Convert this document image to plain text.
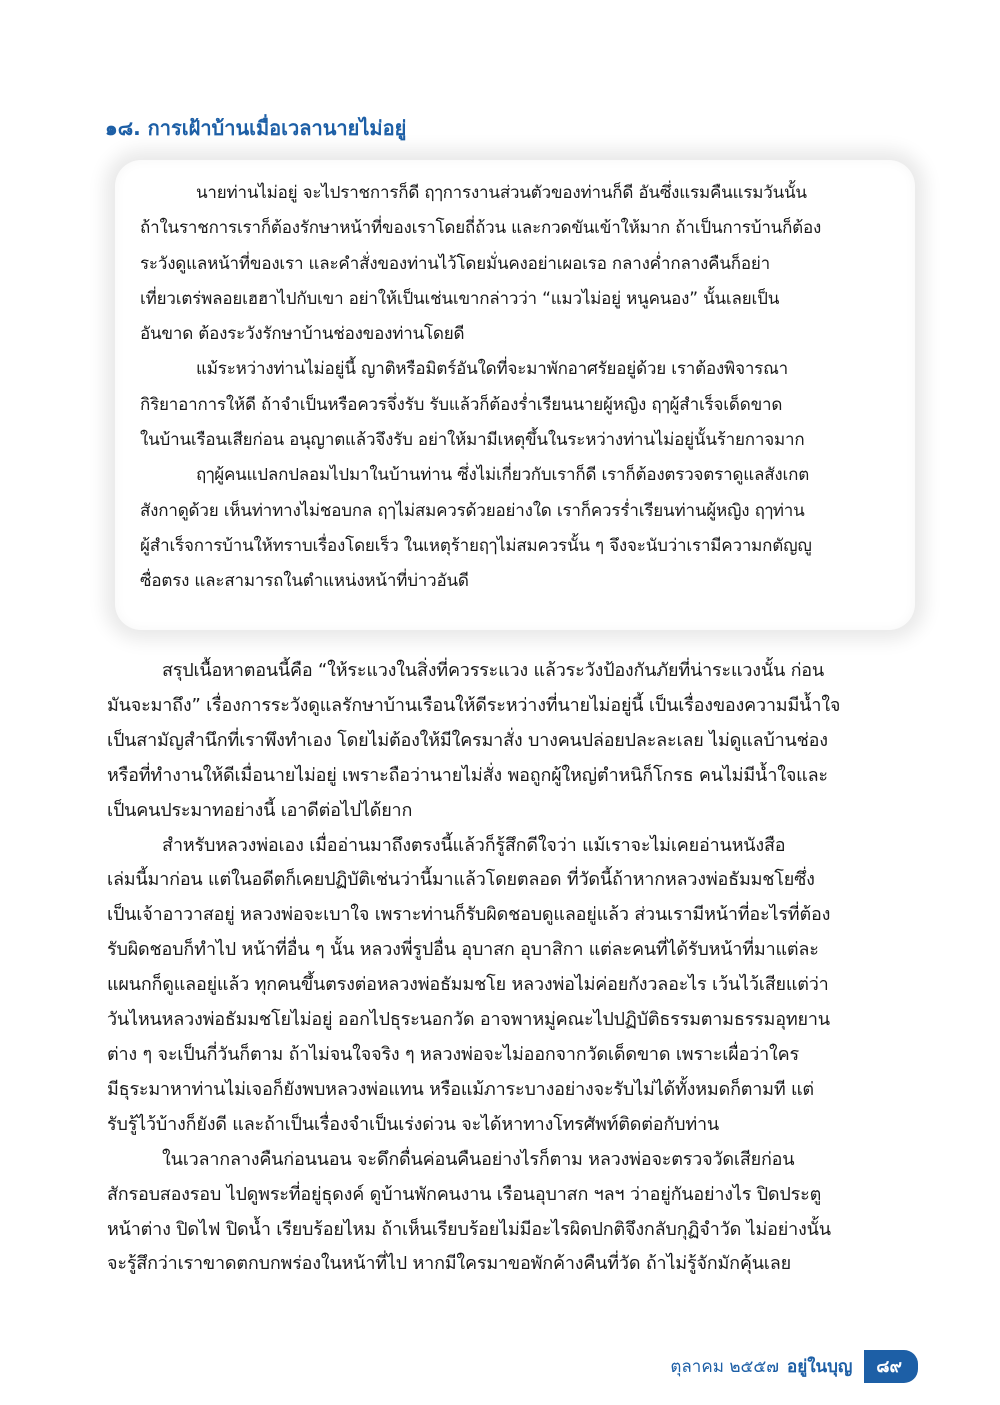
๑๘. การเฝ้าบ้านเมื่อเวลานายไม่อยู่
นายท่านไม่อยู่ จะไปราชการก็ดี ฤๅการงานส่วนตัวของท่านก็ดี อันซึ่งแรมคืนแรมวันนั้น
ถ้าในราชการเราก็ต้องรักษาหน้าที่ของเราโดยถี่ถ้วน และกวดขันเข้าให้มาก ถ้าเป็นการบ้านก็ต้อง
ระวังดูแลหน้าที่ของเรา และคำสั่งของท่านไว้โดยมั่นคงอย่าเผอเรอ กลางค่ำกลางคืนก็อย่า
เที่ยวเตร่พลอยเฮฮาไปกับเขา อย่าให้เป็นเช่นเขากล่าวว่า “แมวไม่อยู่ หนูคนอง” นั้นเลยเป็น
อันขาด ต้องระวังรักษาบ้านช่องของท่านโดยดี
แม้ระหว่างท่านไม่อยู่นี้ ญาติหรือมิตร์อันใดที่จะมาพักอาศรัยอยู่ด้วย เราต้องพิจารณา
กิริยาอาการให้ดี ถ้าจำเป็นหรือควรจึ่งรับ รับแล้วก็ต้องร่ำเรียนนายผู้หญิง ฤๅผู้สำเร็จเด็ดขาด
ในบ้านเรือนเสียก่อน อนุญาตแล้วจึงรับ อย่าให้มามีเหตุขึ้นในระหว่างท่านไม่อยู่นั้นร้ายกาจมาก
ฤๅผู้คนแปลกปลอมไปมาในบ้านท่าน ซึ่งไม่เกี่ยวกับเราก็ดี เราก็ต้องตรวจตราดูแลสังเกต
สังกาดูด้วย เห็นท่าทางไม่ชอบกล ฤๅไม่สมควรด้วยอย่างใด เราก็ควรร่ำเรียนท่านผู้หญิง ฤๅท่าน
ผู้สำเร็จการบ้านให้ทราบเรื่องโดยเร็ว ในเหตุร้ายฤๅไม่สมควรนั้น ๆ จึงจะนับว่าเรามีความกตัญญู
ซื่อตรง และสามารถในตำแหน่งหน้าที่บ่าวอันดี
สรุปเนื้อหาตอนนี้คือ “ให้ระแวงในสิ่งที่ควรระแวง แล้วระวังป้องกันภัยที่น่าระแวงนั้น ก่อน
มันจะมาถึง” เรื่องการระวังดูแลรักษาบ้านเรือนให้ดีระหว่างที่นายไม่อยู่นี้ เป็นเรื่องของความมีน้ำใจ
เป็นสามัญสำนึกที่เราพึงทำเอง โดยไม่ต้องให้มีใครมาสั่ง บางคนปล่อยปละละเลย ไม่ดูแลบ้านช่อง
หรือที่ทำงานให้ดีเมื่อนายไม่อยู่ เพราะถือว่านายไม่สั่ง พอถูกผู้ใหญ่ตำหนิก็โกรธ คนไม่มีน้ำใจและ
เป็นคนประมาทอย่างนี้ เอาดีต่อไปได้ยาก
สำหรับหลวงพ่อเอง เมื่ออ่านมาถึงตรงนี้แล้วก็รู้สึกดีใจว่า แม้เราจะไม่เคยอ่านหนังสือ
เล่มนี้มาก่อน แต่ในอดีตก็เคยปฏิบัติเช่นว่านี้มาแล้วโดยตลอด ที่วัดนี้ถ้าหากหลวงพ่อธัมมชโยซึ่ง
เป็นเจ้าอาวาสอยู่ หลวงพ่อจะเบาใจ เพราะท่านก็รับผิดชอบดูแลอยู่แล้ว ส่วนเรามีหน้าที่อะไรที่ต้อง
รับผิดชอบก็ทำไป หน้าที่อื่น ๆ นั้น หลวงพี่รูปอื่น อุบาสก อุบาสิกา แต่ละคนที่ได้รับหน้าที่มาแต่ละ
แผนกก็ดูแลอยู่แล้ว ทุกคนขึ้นตรงต่อหลวงพ่อธัมมชโย หลวงพ่อไม่ค่อยกังวลอะไร เว้นไว้เสียแต่ว่า
วันไหนหลวงพ่อธัมมชโยไม่อยู่ ออกไปธุระนอกวัด อาจพาหมู่คณะไปปฏิบัติธรรมตามธรรมอุทยาน
ต่าง ๆ จะเป็นกี่วันก็ตาม ถ้าไม่จนใจจริง ๆ หลวงพ่อจะไม่ออกจากวัดเด็ดขาด เพราะเผื่อว่าใคร
มีธุระมาหาท่านไม่เจอก็ยังพบหลวงพ่อแทน หรือแม้ภาระบางอย่างจะรับไม่ได้ทั้งหมดก็ตามที แต่
รับรู้ไว้บ้างก็ยังดี และถ้าเป็นเรื่องจำเป็นเร่งด่วน จะได้หาทางโทรศัพท์ติดต่อกับท่าน
ในเวลากลางคืนก่อนนอน จะดึกดื่นค่อนคืนอย่างไรก็ตาม หลวงพ่อจะตรวจวัดเสียก่อน
สักรอบสองรอบ ไปดูพระที่อยู่ธุดงค์ ดูบ้านพักคนงาน เรือนอุบาสก ฯลฯ ว่าอยู่กันอย่างไร ปิดประตู
หน้าต่าง ปิดไฟ ปิดน้ำ เรียบร้อยไหม ถ้าเห็นเรียบร้อยไม่มีอะไรผิดปกติจึงกลับกุฏิจำวัด ไม่อย่างนั้น
จะรู้สึกว่าเราขาดตกบกพร่องในหน้าที่ไป หากมีใครมาขอพักค้างคืนที่วัด ถ้าไม่รู้จักมักคุ้นเลย
ตุลาคม ๒๕๕๗ อยู่ในบุญ	๘๙
